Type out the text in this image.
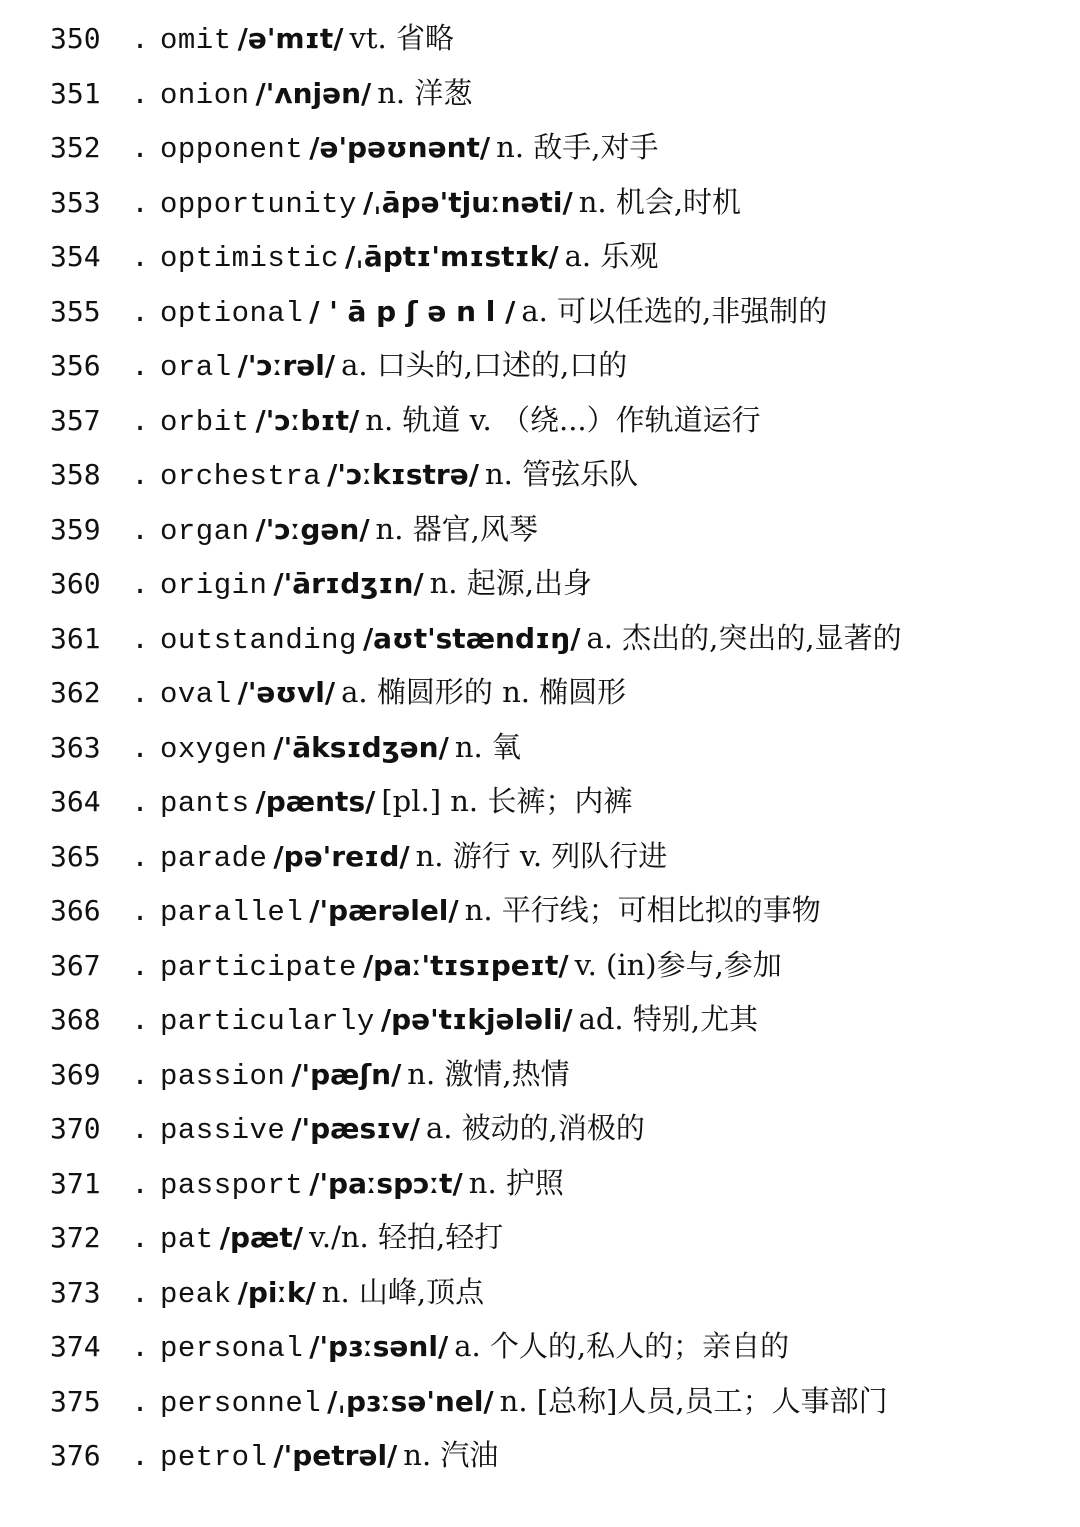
350 . omit /ə'mɪt/ vt. 省略
351 . onion /'ʌnjən/ n. 洋葱
352 . opponent /ə'pəʊnənt/ n. 敌手,对手
353 . opportunity /ˌāpə'tjuːnəti/ n. 机会,时机
354 . optimistic /ˌāptɪ'mɪstɪk/ a. 乐观
355 . optional / ' ā p ʃ ə n l / a. 可以任选的,非强制的
356 . oral /'ɔːrəl/ a. 口头的,口述的,口的
357 . orbit /'ɔːbɪt/ n. 轨道 v. （绕...）作轨道运行
358 . orchestra /'ɔːkɪstrə/ n. 管弦乐队
359 . organ /'ɔːgən/ n. 器官,风琴
360 . origin /'ārɪdʒɪn/ n. 起源,出身
361 . outstanding /aʊt'stændɪŋ/ a. 杰出的,突出的,显著的
362 . oval /'əʊvl/ a. 椭圆形的 n. 椭圆形
363 . oxygen /'āksɪdʒən/ n. 氧
364 . pants /pænts/ [pl.] n. 长裤；内裤
365 . parade /pə'reɪd/ n. 游行 v. 列队行进
366 . parallel /'pærəlel/ n. 平行线；可相比拟的事物
367 . participate /paː'tɪsɪpeɪt/ v. (in)参与,参加
368 . particularly /pə'tɪkjələli/ ad. 特别,尤其
369 . passion /'pæʃn/ n. 激情,热情
370 . passive /'pæsɪv/ a. 被动的,消极的
371 . passport /'paːspɔːt/ n. 护照
372 . pat /pæt/ v./n. 轻拍,轻打
373 . peak /piːk/ n. 山峰,顶点
374 . personal /'pɜːsənl/ a. 个人的,私人的；亲自的
375 . personnel /ˌpɜːsə'nel/ n. [总称]人员,员工；人事部门
376 . petrol /'petrəl/ n. 汽油
